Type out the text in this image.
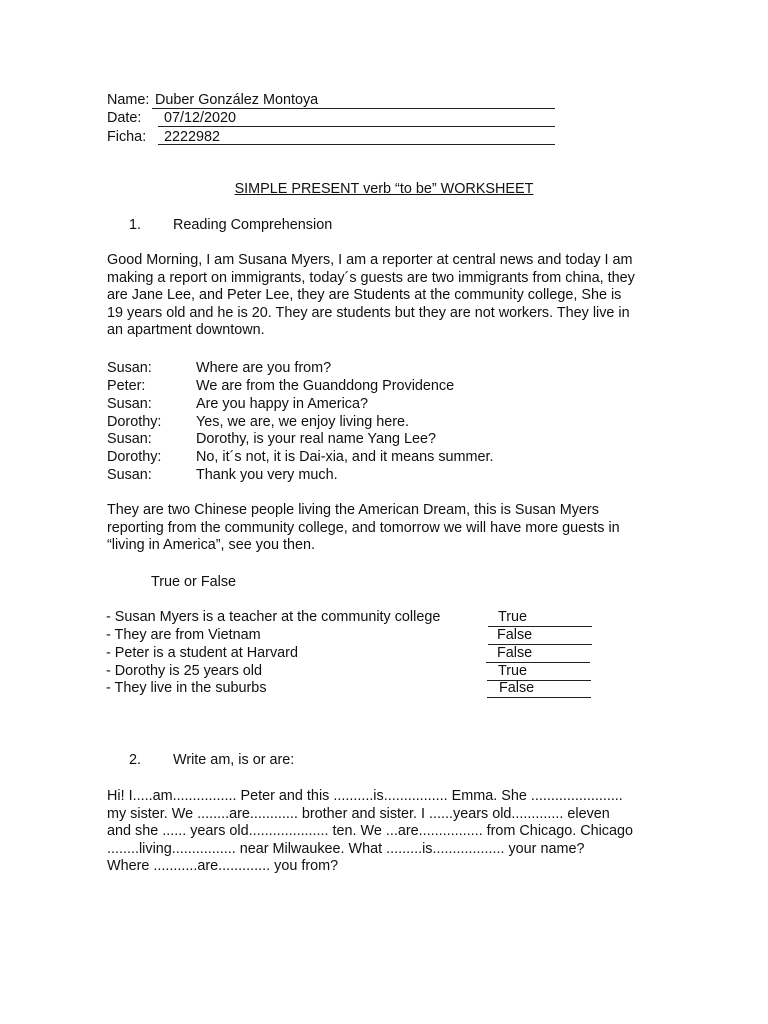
Name: Duber González Montoya
Date: 07/12/2020
Ficha: 2222982
SIMPLE PRESENT verb “to be” WORKSHEET
1. Reading Comprehension
Good Morning, I am Susana Myers, I am a reporter at central news and today I am
making a report on immigrants, today´s guests are two immigrants from china, they
are Jane Lee, and Peter Lee, they are Students at the community college, She is
19 years old and he is 20. They are students but they are not workers. They live in
an apartment downtown.
Susan:	Where are you from?
Peter:	We are from the Guanddong Providence
Susan:	Are you happy in America?
Dorothy: Yes, we are, we enjoy living here.
Susan:	Dorothy, is your real name Yang Lee?
Dorothy: No, it´s not, it is Dai-xia, and it means summer.
Susan:	Thank you very much.
They are two Chinese people living the American Dream, this is Susan Myers
reporting from the community college, and tomorrow we will have more guests in
“living in America”, see you then.
True or False
- Susan Myers is a teacher at the community college	True
- They are from Vietnam	False
- Peter is a student at Harvard	False
- Dorothy is 25 years old	True
- They live in the suburbs	False
2. Write am, is or are:
Hi! I.....am................ Peter and this ..........is................ Emma. She .......................
my sister. We ........are............ brother and sister. I ......years old............. eleven
and she ...... years old.................... ten. We ...are................ from Chicago. Chicago
........living................ near Milwaukee. What .........is.................. your name?
Where ...........are............. you from?
